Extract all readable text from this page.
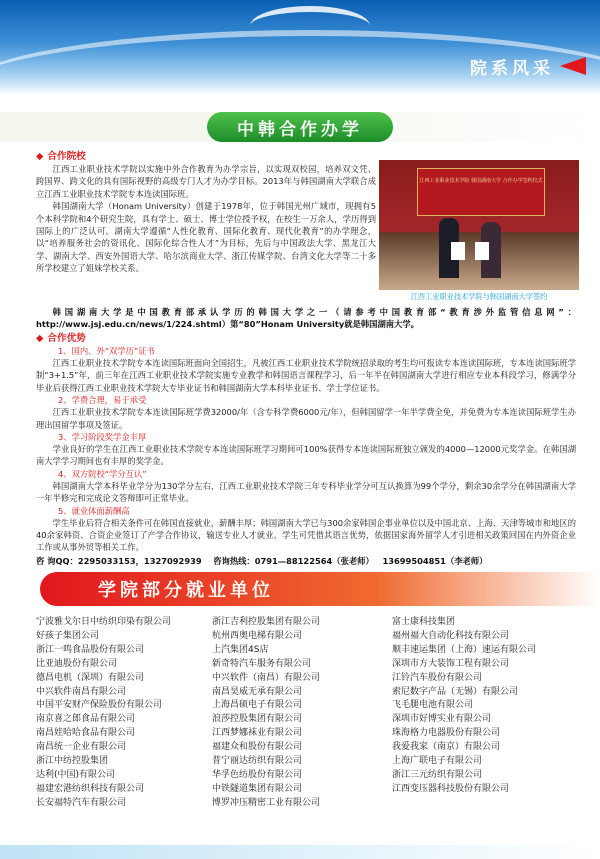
院系风采
中韩合作办学
◆ 合作院校
江西工业职业技术学院以实施中外合作教育为办学宗旨，以实现双校园，培养双文凭、跨国界、跨文化的具有国际视野的高级专门人才为办学目标。2013年与韩国湖南大学联合成立江西工业职业技术学院专本连读国际班。
韩国湖南大学（Honam University）创建于1978年，位于韩国光州广域市，现拥有5个本科学院和4个研究生院，具有学士、硕士、博士学位授予权，在校生一万余人，学历得到国际上的广泛认可。湖南大学遵循“人性化教育、国际化教育、现代化教育”的办学理念，以“培养服务社会的资讯化、国际化综合性人才”为目标，先后与中国政法大学、黑龙江大学、湖南大学、西安外国语大学、哈尔滨商业大学、浙江传媒学院、台湾文化大学等二十多所学校建立了姐妹学校关系。
江西工业职业技术学院 韩国湖南大学 合作办学签约仪式
江西工业职业技术学院与韩国湖南大学签约
韩国湖南大学是中国教育部承认学历的韩国大学之一（请参考中国教育部“教育涉外监管信息网”：http://www.jsj.edu.cn/news/1/224.shtml）第“80”Honam University就是韩国湖南大学。
◆ 合作优势
1、国内、外“双学历”证书
江西工业职业技术学院专本连读国际班面向全国招生，凡被江西工业职业技术学院统招录取的考生均可报读专本连读国际班，专本连读国际班学制“3+1.5”年，前三年在江西工业职业技术学院实施专业教学和韩国语言课程学习，后一年半在韩国湖南大学进行相应专业本科段学习，修满学分毕业后获得江西工业职业技术学院大专毕业证书和韩国湖南大学本科毕业证书、学士学位证书。
2、学费合理，易于承受
江西工业职业技术学院专本连读国际班学费32000/年（含专科学费6000元/年），但韩国留学一年半学费全免，并免费为专本连读国际班学生办理出国留学事项及签证。
3、学习阶段奖学金丰厚
学业良好的学生在江西工业职业技术学院专本连读国际班学习期间可100%获得专本连读国际班独立颁发的4000—12000元奖学金。在韩国湖南大学学习期间也有丰厚的奖学金。
4、双方院校“学分互认”
韩国湖南大学本科毕业学分为130学分左右，江西工业职业技术学院三年专科毕业学分可互认换算为99个学分，剩余30余学分在韩国湖南大学一年半修完和完成论文答辩即可正常毕业。
5、就业体面薪酬高
学生毕业后符合相关条件可在韩国直接就业，薪酬丰厚；韩国湖南大学已与300余家韩国企事业单位以及中国北京、上海、天津等城市和地区的40余家韩资、合资企业签订了产学合作协议，输送专业人才就业。学生可凭借其语言优势，依据国家海外留学人才引进相关政策回国在内外资企业工作或从事外贸等相关工作。
咨 询QQ：2295033153，1327092939 咨询热线：0791—88122564（张老师） 13699504851（李老师）
学院部分就业单位
宁波雅戈尔日中纺织印染有限公司
好孩子集团公司
浙江一鸣食品股份有限公司
比亚迪股份有限公司
德昌电机（深圳）有限公司
中兴软件南昌有限公司
中国平安财产保险股份有限公司
南京喜之郎食品有限公司
南昌娃哈哈食品有限公司
南昌统一企业有限公司
浙江中纺控股集团
达利(中国)有限公司
福建宏港纺织科技有限公司
长安福特汽车有限公司
浙江吉利控股集团有限公司
杭州西奥电梯有限公司
上汽集团4S店
新奇特汽车服务有限公司
中兴软件（南昌）有限公司
南昌昊威无承有限公司
上海昌硕电子有限公司
浪莎控股集团有限公司
江西梦娜袜业有限公司
福建众和股份有限公司
普宁丽达纺织有限公司
华孚色纺股份有限公司
中铁隧道集团有限公司
博罗冲压精密工业有限公司
富士康科技集团
福州福大自动化科技有限公司
顺丰速运集团（上海）速运有限公司
深圳市方大装饰工程有限公司
江铃汽车股份有限公司
索尼数字产品（无锡）有限公司
飞毛腿电池有限公司
深圳市好博实业有限公司
珠海格力电器股份有限公司
我爱我家（南京）有限公司
上海广联电子有限公司
浙江三元纺织有限公司
江西变压器科技股份有限公司
